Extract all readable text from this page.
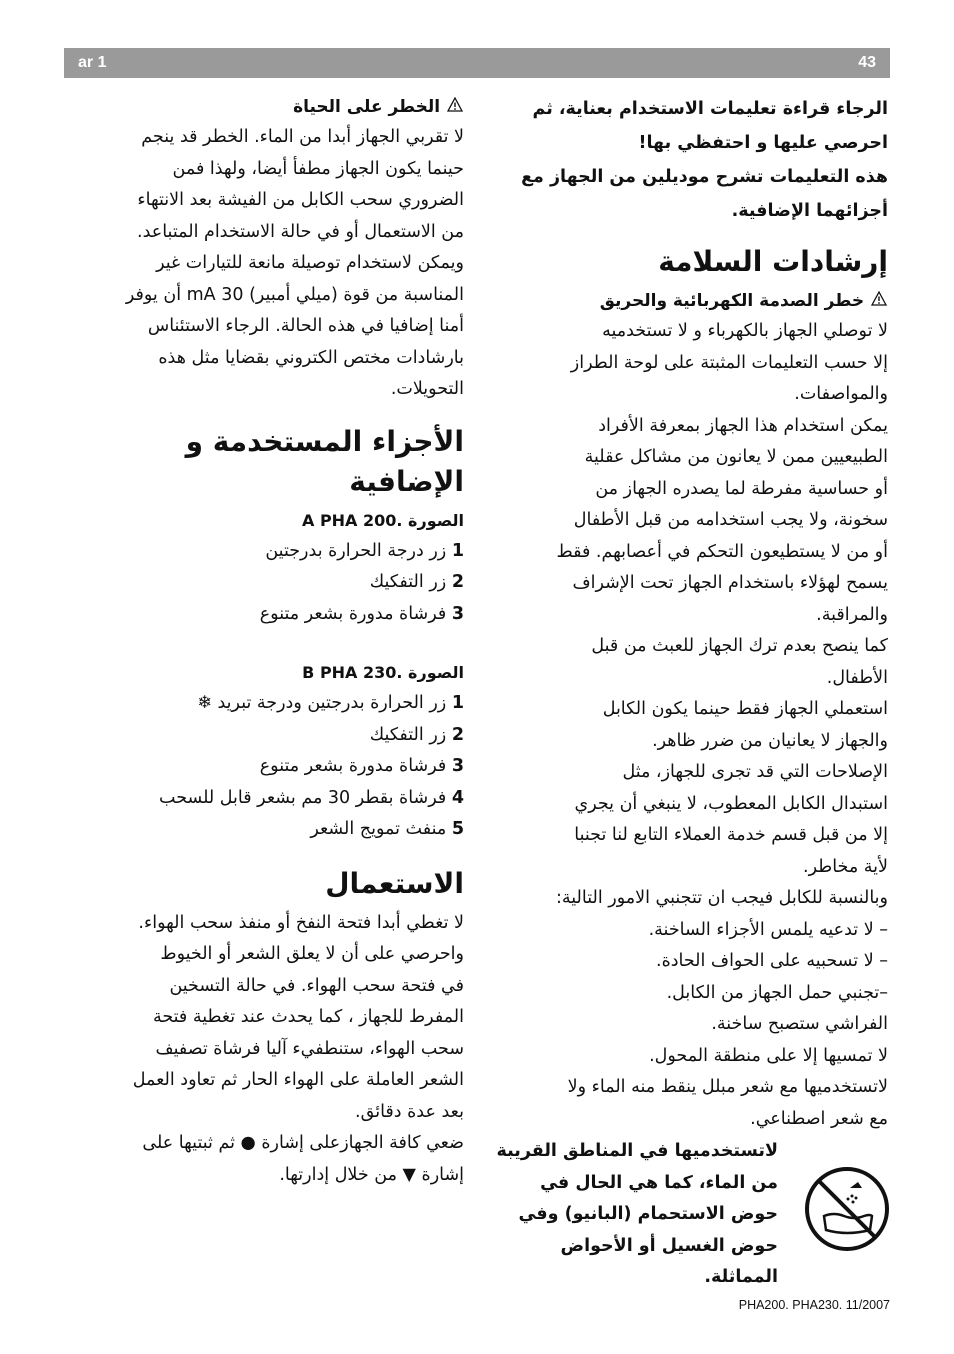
ar 1	43
الرجاء قراءة تعليمات الاستخدام بعناية، ثم
احرصي عليها و احتفظي بها!
هذه التعليمات تشرح موديلين من الجهاز مع
أجزائهما الإضافية.
إرشادات السلامة
خطر الصدمة الكهربائية والحريق
لا توصلي الجهاز بالكهرباء و لا تستخدميه
إلا حسب التعليمات المثبتة على لوحة الطراز
والمواصفات.
يمكن استخدام هذا الجهاز بمعرفة الأفراد
الطبيعيين ممن لا يعانون من مشاكل عقلية
أو حساسية مفرطة لما يصدره الجهاز من
سخونة، ولا يجب استخدامه من قبل الأطفال
أو من لا يستطيعون التحكم في أعصابهم. فقط
يسمح لهؤلاء باستخدام الجهاز تحت الإشراف
والمراقبة.
كما ينصح بعدم ترك الجهاز للعبث من قبل
الأطفال.
استعملي الجهاز فقط حينما يكون الكابل
والجهاز لا يعانيان من ضرر ظاهر.
الإصلاحات التي قد تجرى للجهاز، مثل
استبدال الكابل المعطوب، لا ينبغي أن يجري
إلا من قبل قسم خدمة العملاء التابع لنا تجنبا
لأية مخاطر.
وبالنسبة للكابل فيجب ان تتجنبي الامور التالية:
– لا تدعيه يلمس الأجزاء الساخنة.
– لا تسحبيه على الحواف الحادة.
–تجنبي حمل الجهاز من الكابل.
الفراشي ستصبح ساخنة.
لا تمسيها إلا على منطقة المحول.
لاتستخدميها مع شعر مبلل ينقط منه الماء ولا
مع شعر اصطناعي.
لاتستخدميها في المناطق القريبة
من الماء، كما هي الحال في
حوض الاستحمام (البانيو) وفي
حوض الغسيل أو الأحواض
المماثلة.
الخطر على الحياة
لا تقربي الجهاز أبدا من الماء. الخطر قد ينجم
حينما يكون الجهاز مطفأ أيضا، ولهذا فمن
الضروري سحب الكابل من الفيشة بعد الانتهاء
من الاستعمال أو في حالة الاستخدام المتباعد.
ويمكن لاستخدام توصيلة مانعة للتيارات غير
المناسبة من قوة (ميلي أمبير) 30 mA أن يوفر
أمنا إضافيا في هذه الحالة. الرجاء الاستئناس
بارشادات مختص الكتروني بقضايا مثل هذه
التحويلات.
الأجزاء المستخدمة و الإضافية
الصورة A PHA 200.
1 زر درجة الحرارة بدرجتين
2 زر التفكيك
3 فرشاة مدورة بشعر متنوع
الصورة B PHA 230.
1 زر الحرارة بدرجتين ودرجة تبريد ❄
2 زر التفكيك
3 فرشاة مدورة بشعر متنوع
4 فرشاة بقطر 30 مم بشعر قابل للسحب
5 منفث تمويج الشعر
الاستعمال
لا تغطي أبدا فتحة النفخ أو منفذ سحب الهواء.
واحرصي على أن لا يعلق الشعر أو الخيوط
في فتحة سحب الهواء. في حالة التسخين
المفرط للجهاز ، كما يحدث عند تغطية فتحة
سحب الهواء، ستنطفيء آليا فرشاة تصفيف
الشعر العاملة على الهواء الحار ثم تعاود العمل
بعد عدة دقائق.
ضعي كافة الجهازعلى إشارة ● ثم ثبتيها على
إشارة ▼ من خلال إدارتها.
PHA200. PHA230. 11/2007
